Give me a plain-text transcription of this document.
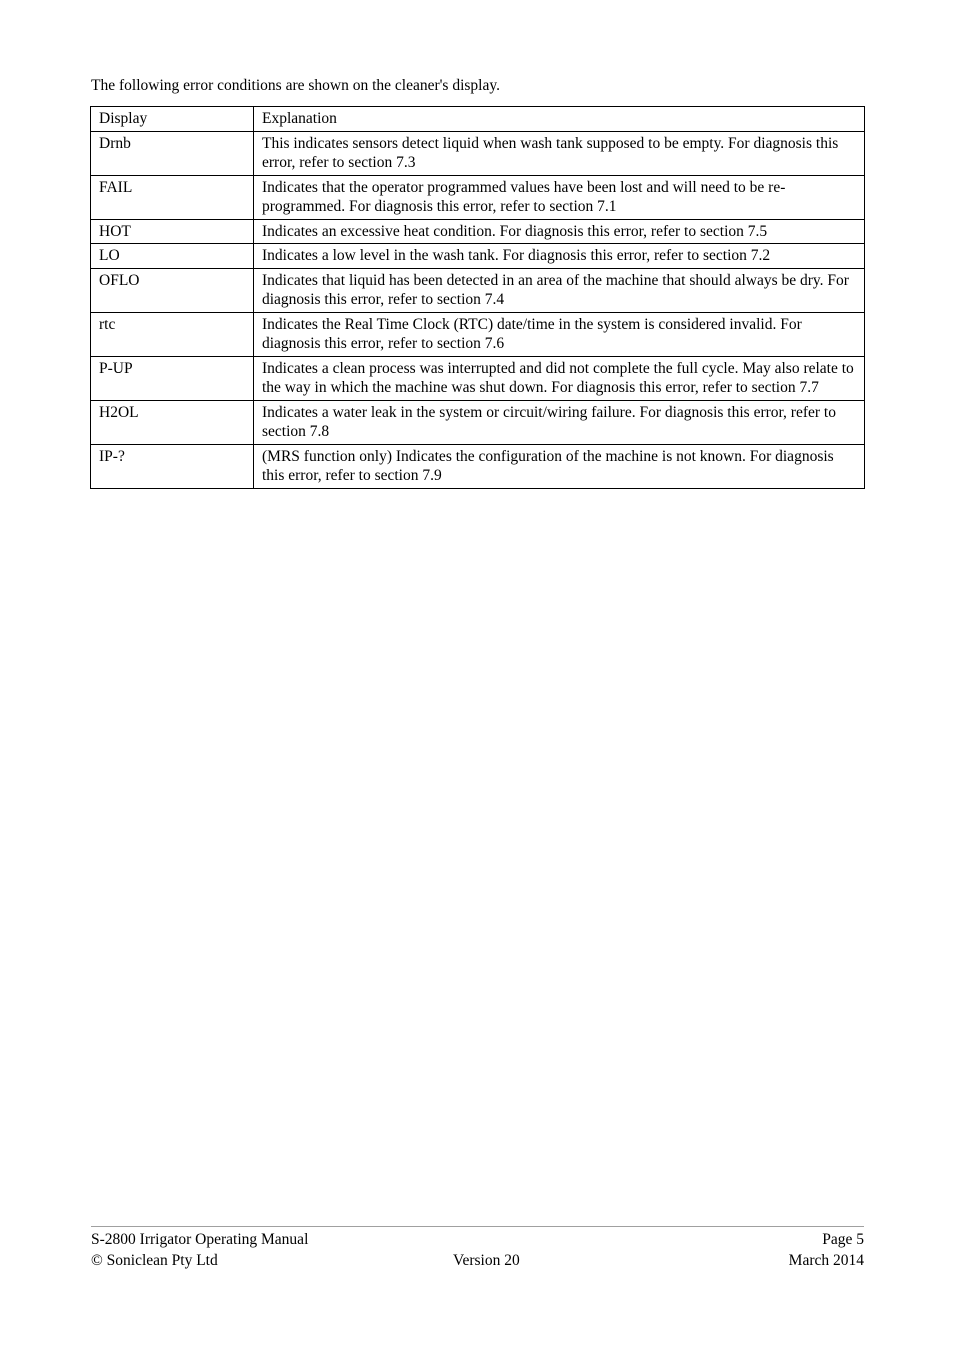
The following error conditions are shown on the cleaner's display.

Display	Explanation
Drnb	This indicates sensors detect liquid when wash tank supposed to be empty. For diagnosis this error, refer to section 7.3
FAIL	Indicates that the operator programmed values have been lost and will need to be re-programmed. For diagnosis this error, refer to section 7.1
HOT	Indicates an excessive heat condition. For diagnosis this error, refer to section 7.5
LO	Indicates a low level in the wash tank. For diagnosis this error, refer to section 7.2
OFLO	Indicates that liquid has been detected in an area of the machine that should always be dry. For diagnosis this error, refer to section 7.4
rtc	Indicates the Real Time Clock (RTC) date/time in the system is considered invalid. For diagnosis this error, refer to section 7.6
P-UP	Indicates a clean process was interrupted and did not complete the full cycle. May also relate to the way in which the machine was shut down. For diagnosis this error, refer to section 7.7
H2OL	Indicates a water leak in the system or circuit/wiring failure. For diagnosis this error, refer to section 7.8
IP-?	(MRS function only) Indicates the configuration of the machine is not known. For diagnosis this error, refer to section 7.9
S-2800 Irrigator Operating Manual	Page 5
© Soniclean Pty Ltd	Version 20	March 2014
